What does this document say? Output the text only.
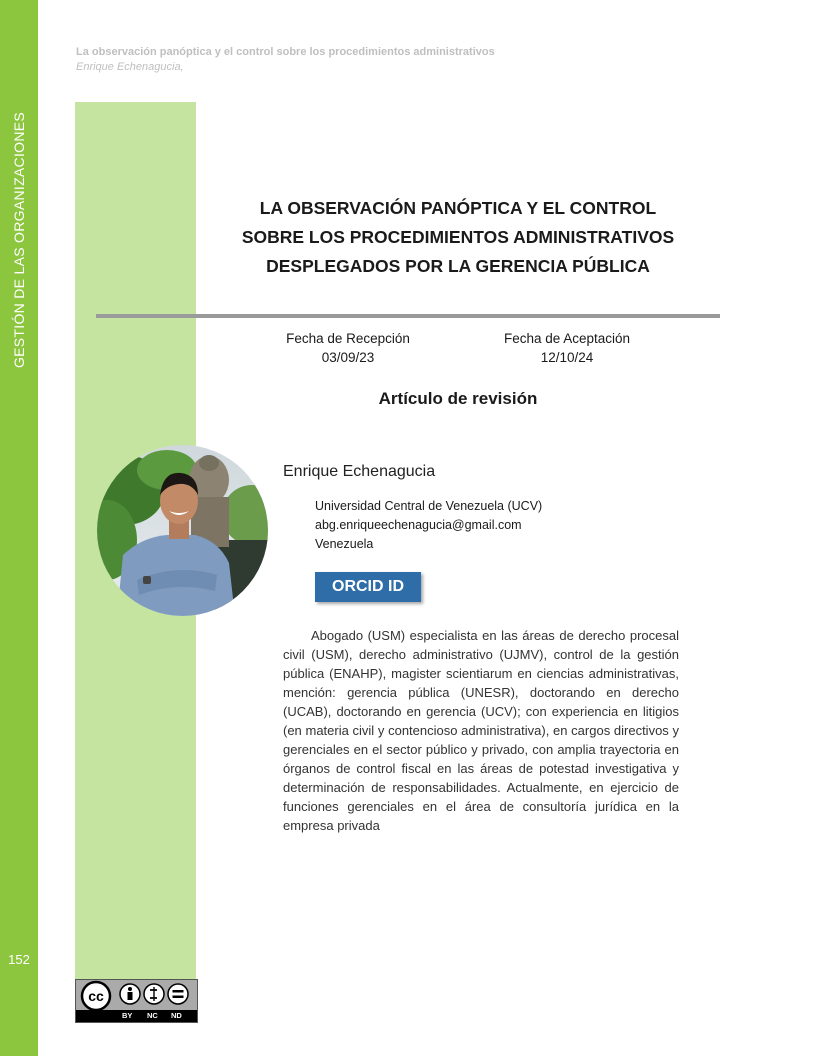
GESTIÓN DE LAS ORGANIZACIONES
152
La observación panóptica y el control sobre los procedimientos administrativos
Enrique Echenagucia,
LA OBSERVACIÓN PANÓPTICA Y EL CONTROL
SOBRE LOS PROCEDIMIENTOS ADMINISTRATIVOS
DESPLEGADOS POR LA GERENCIA PÚBLICA
Fecha de Recepción
03/09/23
Fecha de Aceptación
12/10/24
Artículo de revisión
Enrique Echenagucia
Universidad Central de Venezuela (UCV)
abg.enriqueechenagucia@gmail.com
Venezuela
ORCID ID
Abogado (USM) especialista en las áreas de derecho procesal civil (USM), derecho administrativo (UJMV), control de la gestión pública (ENAHP), magister scientiarum en ciencias administrativas, mención: gerencia pública (UNESR), doctorando en derecho (UCAB), doctorando en gerencia (UCV); con experiencia en litigios (en materia civil y contencioso administrativa), en cargos directivos y gerenciales en el sector público y privado, con amplia trayectoria en órganos de control fiscal en las áreas de potestad investigativa y determinación de responsabilidades. Actualmente, en ejercicio de funciones gerenciales en el área de consultoría jurídica en la empresa privada
cc
BY NC ND
